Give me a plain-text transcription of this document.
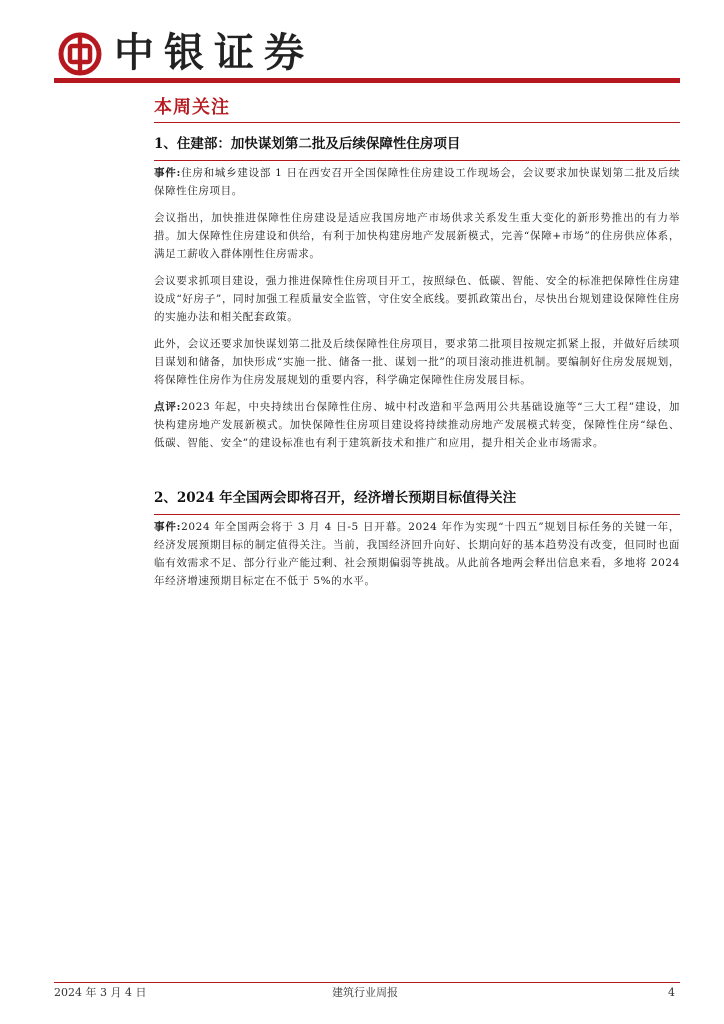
中银证券
本周关注
1、住建部：加快谋划第二批及后续保障性住房项目

事件:住房和城乡建设部 1 日在西安召开全国保障性住房建设工作现场会，会议要求加快谋划第二批及后续保障性住房项目。

会议指出，加快推进保障性住房建设是适应我国房地产市场供求关系发生重大变化的新形势推出的有力举措。加大保障性住房建设和供给，有利于加快构建房地产发展新模式，完善“保障+市场”的住房供应体系，满足工薪收入群体刚性住房需求。

会议要求抓项目建设，强力推进保障性住房项目开工，按照绿色、低碳、智能、安全的标准把保障性住房建设成“好房子”，同时加强工程质量安全监管，守住安全底线。要抓政策出台，尽快出台规划建设保障性住房的实施办法和相关配套政策。

此外，会议还要求加快谋划第二批及后续保障性住房项目，要求第二批项目按规定抓紧上报，并做好后续项目谋划和储备，加快形成“实施一批、储备一批、谋划一批”的项目滚动推进机制。要编制好住房发展规划，将保障性住房作为住房发展规划的重要内容，科学确定保障性住房发展目标。

点评:2023 年起，中央持续出台保障性住房、城中村改造和平急两用公共基础设施等“三大工程”建设，加快构建房地产发展新模式。加快保障性住房项目建设将持续推动房地产发展模式转变，保障性住房“绿色、低碳、智能、安全”的建设标准也有利于建筑新技术和推广和应用，提升相关企业市场需求。

2、2024 年全国两会即将召开，经济增长预期目标值得关注

事件:2024 年全国两会将于 3 月 4 日-5 日开幕。2024 年作为实现“十四五”规划目标任务的关键一年，经济发展预期目标的制定值得关注。当前，我国经济回升向好、长期向好的基本趋势没有改变，但同时也面临有效需求不足、部分行业产能过剩、社会预期偏弱等挑战。从此前各地两会释出信息来看，多地将 2024 年经济增速预期目标定在不低于 5%的水平。

2024 年 3 月 4 日	建筑行业周报	4
